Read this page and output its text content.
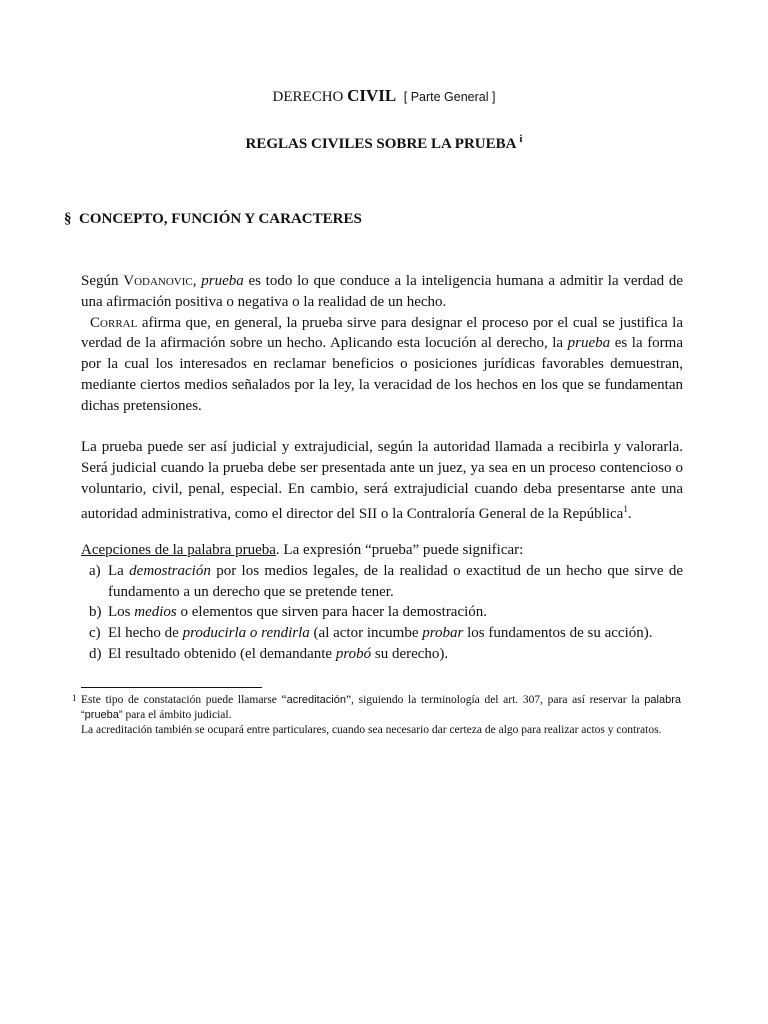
DERECHO CIVIL [ Parte General ]
REGLAS CIVILES SOBRE LA PRUEBA $^i$
§ CONCEPTO, FUNCIÓN Y CARACTERES
Según Vodanovic, prueba es todo lo que conduce a la inteligencia humana a admitir la verdad de una afirmación positiva o negativa o la realidad de un hecho.
Corral afirma que, en general, la prueba sirve para designar el proceso por el cual se justifica la verdad de la afirmación sobre un hecho. Aplicando esta locución al derecho, la prueba es la forma por la cual los interesados en reclamar beneficios o posiciones jurídicas favorables demuestran, mediante ciertos medios señalados por la ley, la veracidad de los hechos en los que se fundamentan dichas pretensiones.
La prueba puede ser así judicial y extrajudicial, según la autoridad llamada a recibirla y valorarla. Será judicial cuando la prueba debe ser presentada ante un juez, ya sea en un proceso contencioso o voluntario, civil, penal, especial. En cambio, será extrajudicial cuando deba presentarse ante una autoridad administrativa, como el director del SII o la Contraloría General de la República$^1$.
Acepciones de la palabra prueba. La expresión “prueba” puede significar:
a) La demostración por los medios legales, de la realidad o exactitud de un hecho que sirve de fundamento a un derecho que se pretende tener.
b) Los medios o elementos que sirven para hacer la demostración.
c) El hecho de producirla o rendirla (al actor incumbe probar los fundamentos de su acción).
d) El resultado obtenido (el demandante probó su derecho).
1 Este tipo de constatación puede llamarse “acreditación”, siguiendo la terminología del art. 307, para así reservar la palabra “prueba” para el ámbito judicial.
La acreditación también se ocupará entre particulares, cuando sea necesario dar certeza de algo para realizar actos y contratos.
